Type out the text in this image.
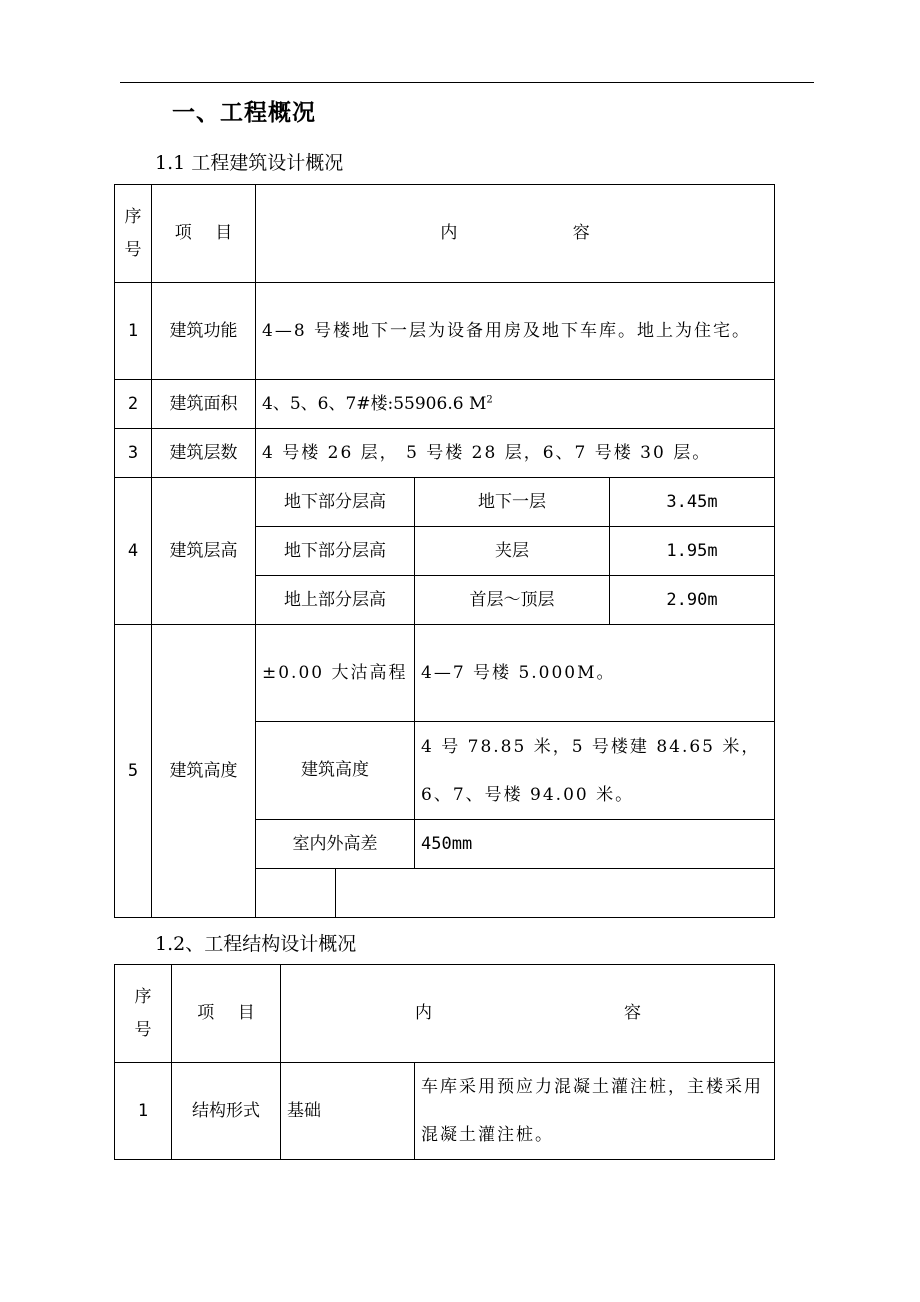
一、工程概况
1.1 工程建筑设计概况
序号	项 目	内 容			
1	建筑功能	4—8 号楼地下一层为设备用房及地下车库。地上为住宅。			
2	建筑面积	4、5、6、7#楼:55906.6 $M^2$
3	建筑层数	4 号楼 26 层， 5 号楼 28 层，6、7 号楼 30 层。			
4	建筑层高	地下部分层高		地下一层	3.45m
		地下部分层高		夹层	1.95m
		地上部分层高		首层～顶层	2.90m
5	建筑高度	±0.00 大沽高程		4—7 号楼 5.000M。	
		建筑高度		4 号 78.85 米，5 号楼建 84.65 米，6、7、号楼 94.00 米。	
		室内外高差		450mm	

1.2、工程结构设计概况
序号	项 目	内 容	
1	结构形式	基础	车库采用预应力混凝土灌注桩，主楼采用混凝土灌注桩。
